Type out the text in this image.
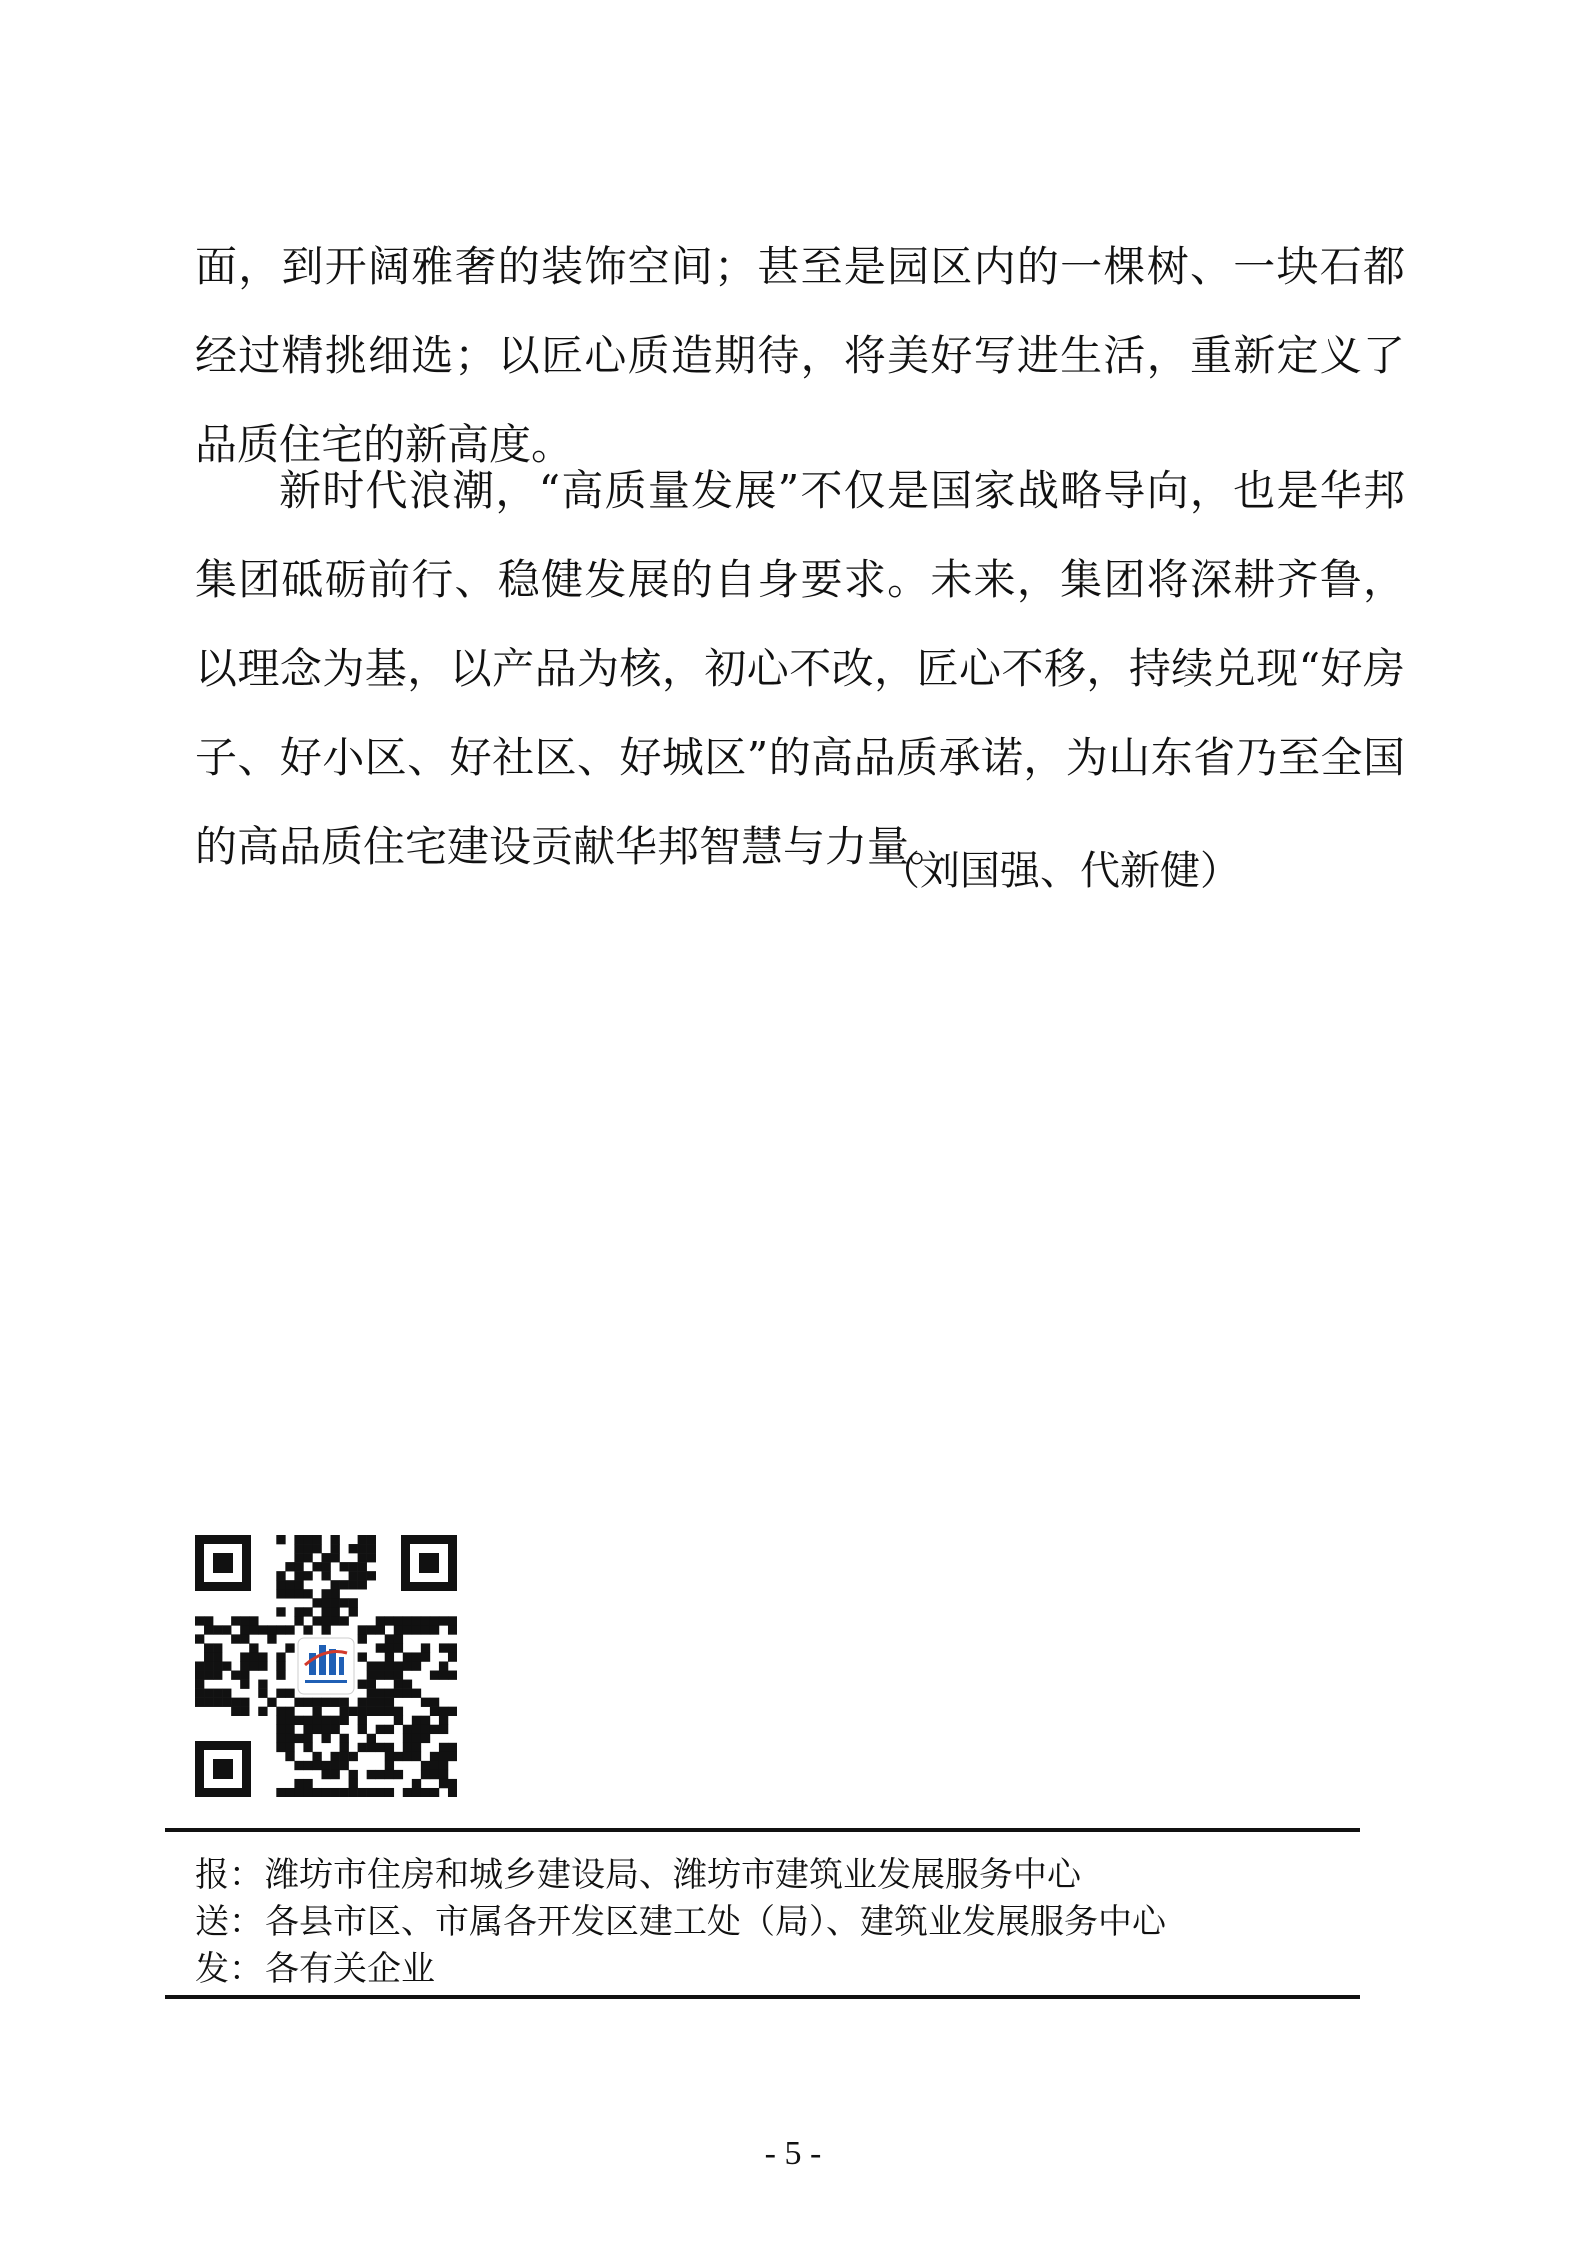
面，到开阔雅奢的装饰空间；甚至是园区内的一棵树、一块石都经过精挑细选；以匠心质造期待，将美好写进生活，重新定义了品质住宅的新高度。

新时代浪潮，“高质量发展”不仅是国家战略导向，也是华邦集团砥砺前行、稳健发展的自身要求。未来，集团将深耕齐鲁，以理念为基，以产品为核，初心不改，匠心不移，持续兑现“好房子、好小区、好社区、好城区”的高品质承诺，为山东省乃至全国的高品质住宅建设贡献华邦智慧与力量。

（刘国强、代新健）
报：潍坊市住房和城乡建设局、潍坊市建筑业发展服务中心
送：各县市区、市属各开发区建工处（局）、建筑业发展服务中心
发：各有关企业
- 5 -
